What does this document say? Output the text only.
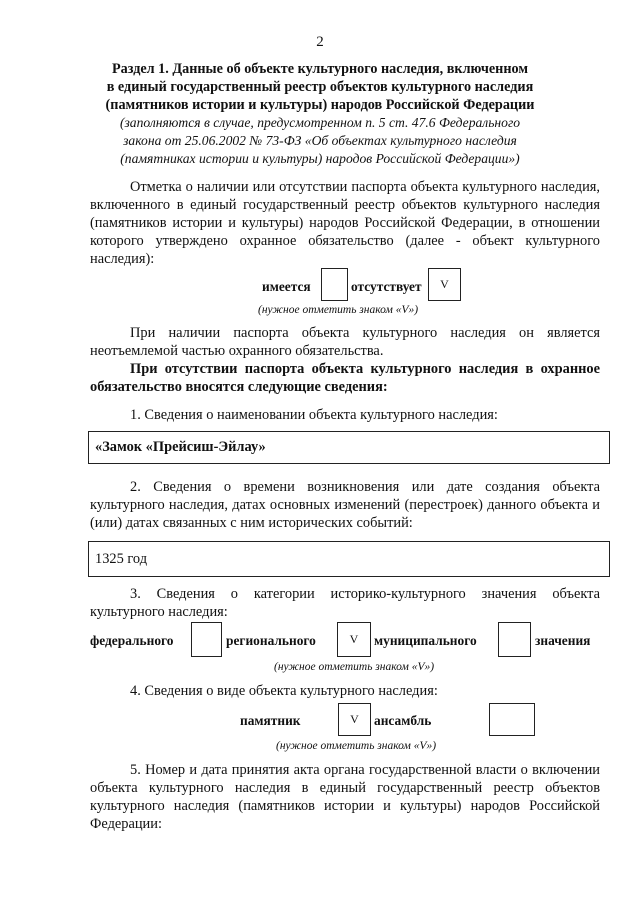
2
Раздел 1. Данные об объекте культурного наследия, включенном
в единый государственный реестр объектов культурного наследия
(памятников истории и культуры) народов Российской Федерации
(заполняются в случае, предусмотренном п. 5 ст. 47.6 Федерального
закона от 25.06.2002 № 73-ФЗ «Об объектах культурного наследия
(памятниках истории и культуры) народов Российской Федерации»)
Отметка о наличии или отсутствии паспорта объекта культурного наследия, включенного в единый государственный реестр объектов культурного наследия (памятников истории и культуры) народов Российской Федерации, в отношении которого утверждено охранное обязательство (далее - объект культурного наследия):
имеется	отсутствует	V
(нужное отметить знаком «V»)
При наличии паспорта объекта культурного наследия он является неотъемлемой частью охранного обязательства.
При отсутствии паспорта объекта культурного наследия в охранное обязательство вносятся следующие сведения:
1. Сведения о наименовании объекта культурного наследия:
«Замок «Прейсиш-Эйлау»
2. Сведения о времени возникновения или дате создания объекта культурного наследия, датах основных изменений (перестроек) данного объекта и (или) датах связанных с ним исторических событий:
1325 год
3. Сведения о категории историко-культурного значения объекта культурного наследия:
федерального	регионального	V	муниципального	значения
(нужное отметить знаком «V»)
4. Сведения о виде объекта культурного наследия:
памятник	V	ансамбль
(нужное отметить знаком «V»)
5. Номер и дата принятия акта органа государственной власти о включении объекта культурного наследия в единый государственный реестр объектов культурного наследия (памятников истории и культуры) народов Российской Федерации:
